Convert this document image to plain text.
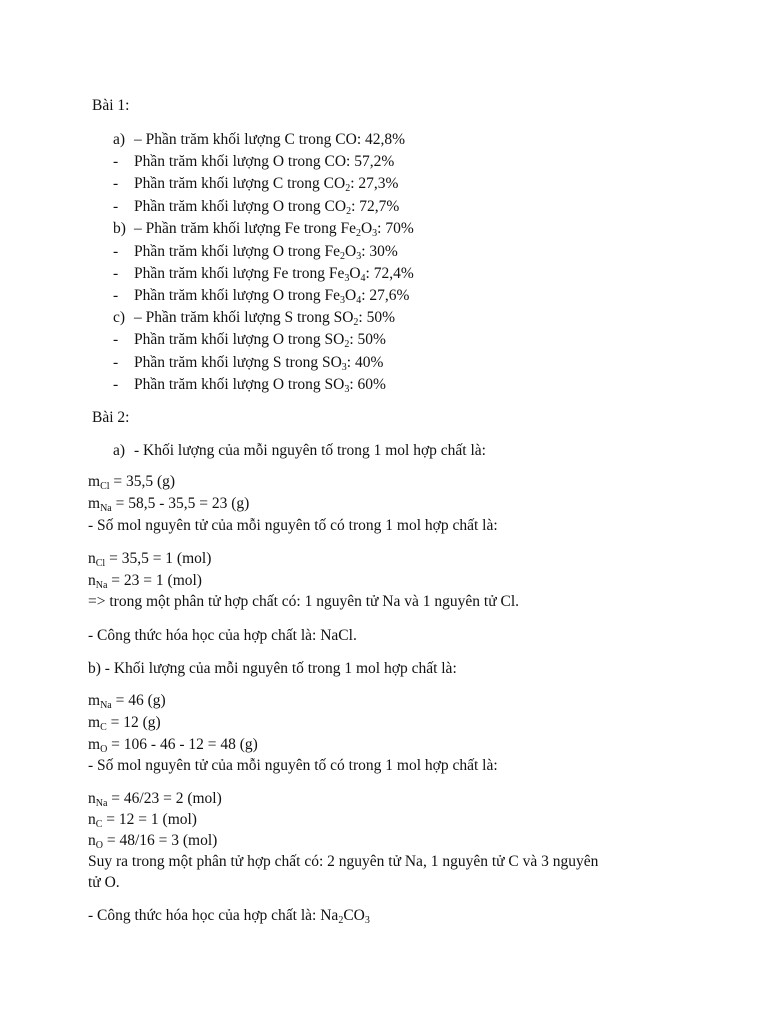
Bài 1:
a) – Phần trăm khối lượng C trong CO: 42,8%
- Phần trăm khối lượng O trong CO: 57,2%
- Phần trăm khối lượng C trong $CO_2$: 27,3%
- Phần trăm khối lượng O trong $CO_2$: 72,7%
b) – Phần trăm khối lượng Fe trong $Fe_2O_3$: 70%
- Phần trăm khối lượng O trong $Fe_2O_3$: 30%
- Phần trăm khối lượng Fe trong $Fe_3O_4$: 72,4%
- Phần trăm khối lượng O trong $Fe_3O_4$: 27,6%
c) – Phần trăm khối lượng S trong $SO_2$: 50%
- Phần trăm khối lượng O trong $SO_2$: 50%
- Phần trăm khối lượng S trong $SO_3$: 40%
- Phần trăm khối lượng O trong $SO_3$: 60%
Bài 2:
a) - Khối lượng của mỗi nguyên tố trong 1 mol hợp chất là:
$m_{Cl} = 35,5$ (g)
$m_{Na} = 58,5 - 35,5 = 23$ (g)
- Số mol nguyên tử của mỗi nguyên tố có trong 1 mol hợp chất là:
$n_{Cl} = 35,5 = 1$ (mol)
$n_{Na} = 23 = 1$ (mol)
=> trong một phân tử hợp chất có: 1 nguyên tử Na và 1 nguyên tử Cl.
- Công thức hóa học của hợp chất là: NaCl.
b) - Khối lượng của mỗi nguyên tố trong 1 mol hợp chất là:
$m_{Na} = 46$ (g)
$m_C = 12$ (g)
$m_O = 106 - 46 - 12 = 48$ (g)
- Số mol nguyên tử của mỗi nguyên tố có trong 1 mol hợp chất là:
$n_{Na} = 46/23 = 2$ (mol)
$n_C = 12 = 1$ (mol)
$n_O = 48/16 = 3$ (mol)
Suy ra trong một phân tử hợp chất có: 2 nguyên tử Na, 1 nguyên tử C và 3 nguyên
tử O.
- Công thức hóa học của hợp chất là: $Na_2CO_3$
